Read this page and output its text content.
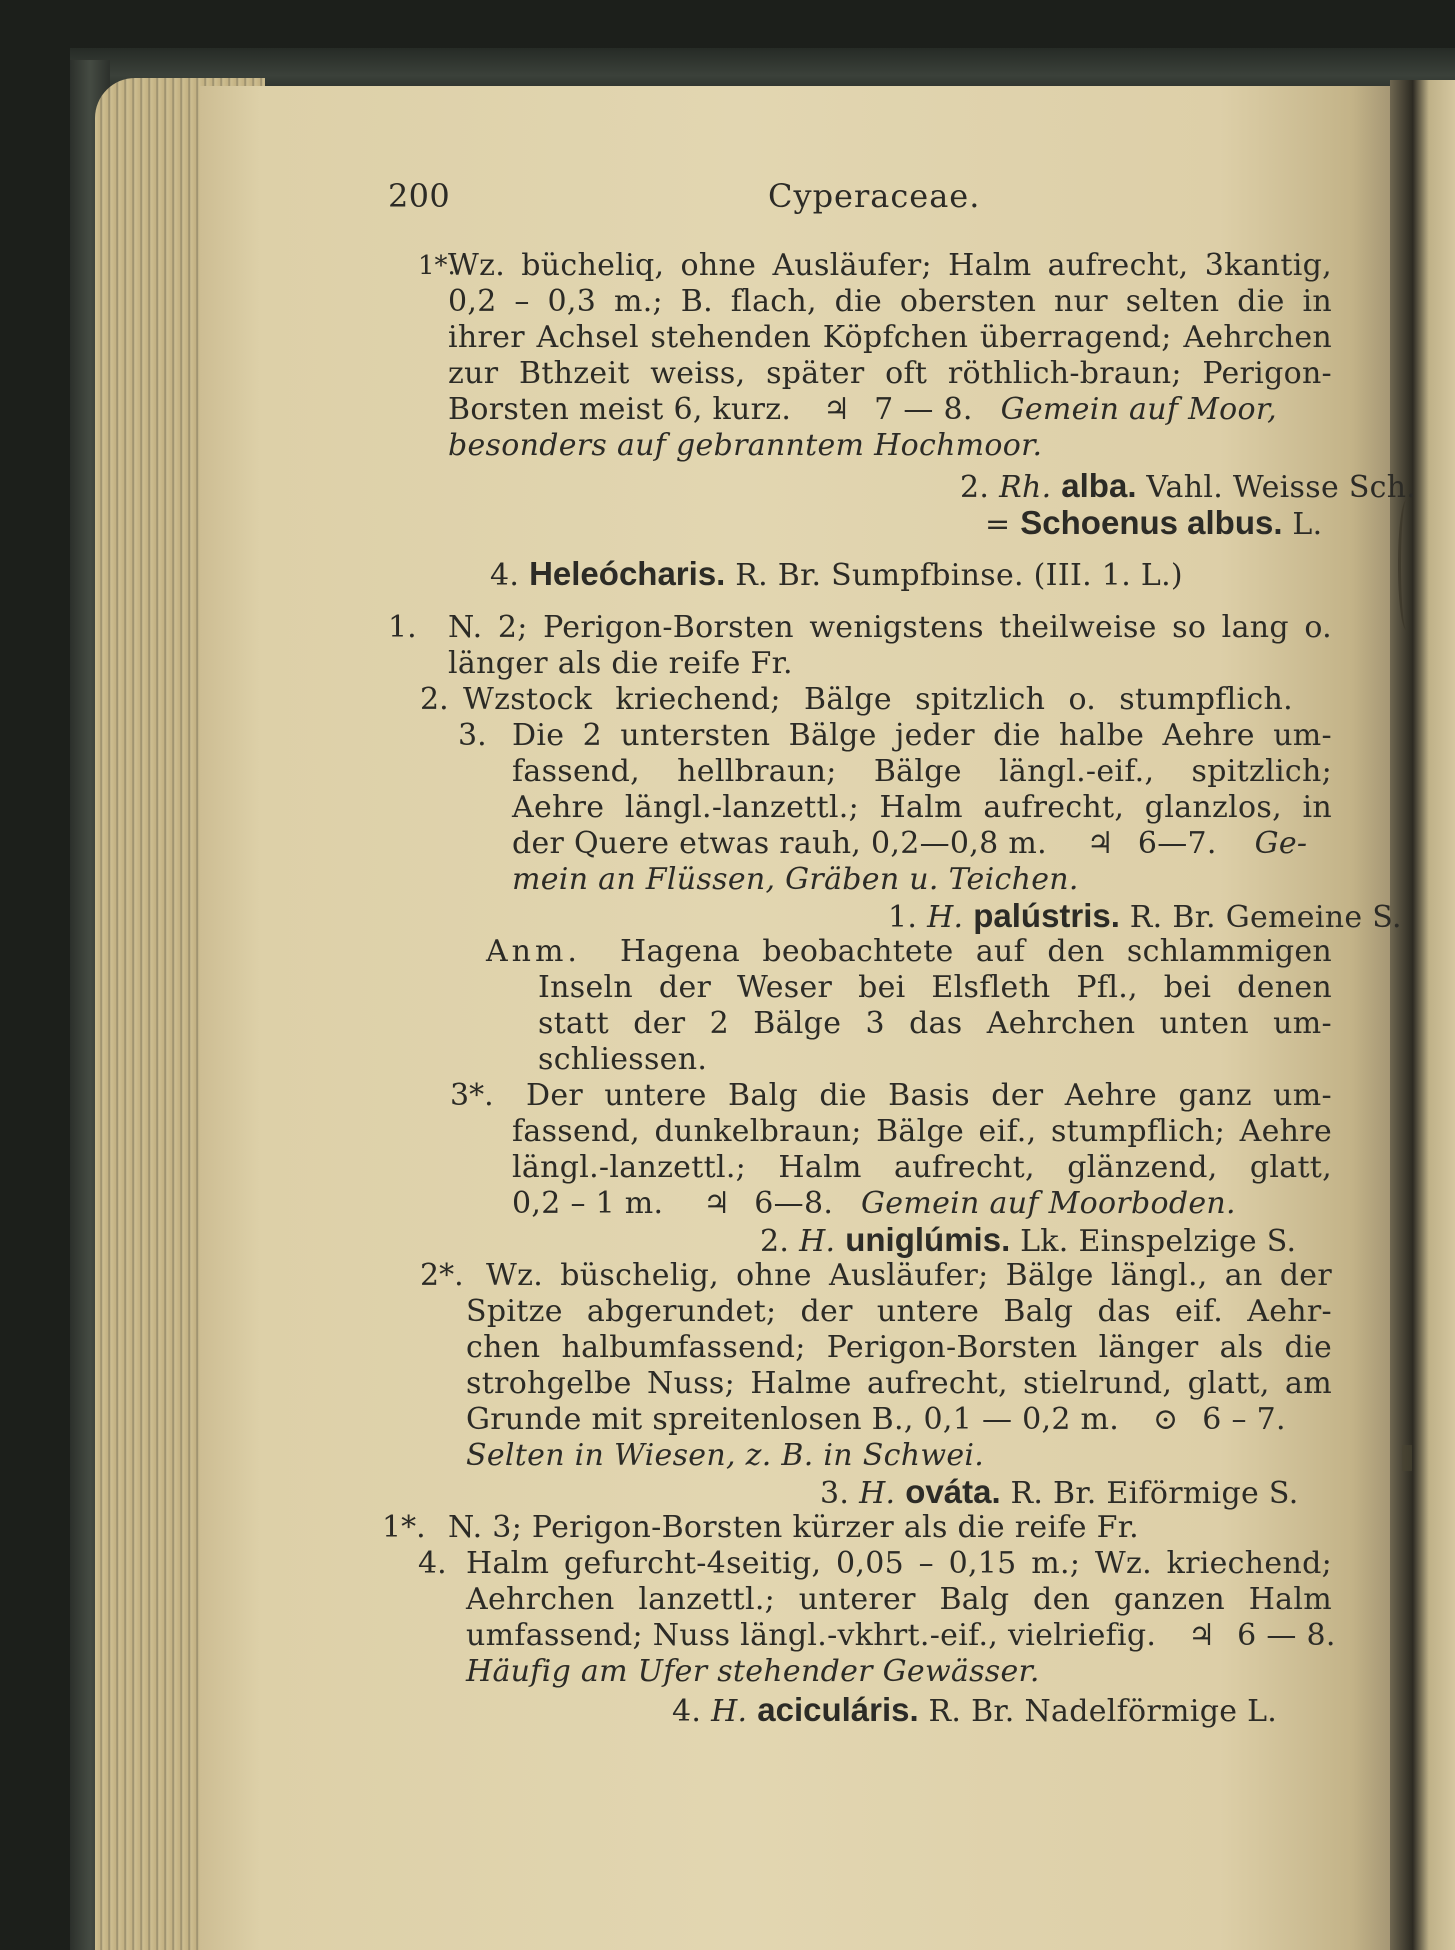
200	Cyperaceae.
1*.
Wz. bücheliq, ohne Ausläufer; Halm aufrecht, 3kantig,
0,2 – 0,3 m.; B. flach, die obersten nur selten die in
ihrer Achsel stehenden Köpfchen überragend; Aehrchen
zur Bthzeit weiss, später oft röthlich-braun; Perigon-
Borsten meist 6, kurz. ♃ 7 — 8. Gemein auf Moor,
besonders auf gebranntem Hochmoor.
2. Rh. alba. Vahl. Weisse Sch.
= Schoenus albus. L.
4. Heleócharis. R. Br. Sumpfbinse. (III. 1. L.)
1. N. 2; Perigon-Borsten wenigstens theilweise so lang o.
länger als die reife Fr.
2. Wzstock kriechend; Bälge spitzlich o. stumpflich.
3. Die 2 untersten Bälge jeder die halbe Aehre um-
fassend, hellbraun; Bälge längl.-eif., spitzlich;
Aehre längl.-lanzettl.; Halm aufrecht, glanzlos, in
der Quere etwas rauh, 0,2—0,8 m. ♃ 6—7. Ge-
mein an Flüssen, Gräben u. Teichen.
1. H. palústris. R. Br. Gemeine S.
Anm. Hagena beobachtete auf den schlammigen
Inseln der Weser bei Elsfleth Pfl., bei denen
statt der 2 Bälge 3 das Aehrchen unten um-
schliessen.
3*. Der untere Balg die Basis der Aehre ganz um-
fassend, dunkelbraun; Bälge eif., stumpflich; Aehre
längl.-lanzettl.; Halm aufrecht, glänzend, glatt,
0,2 – 1 m. ♃ 6—8. Gemein auf Moorboden.
2. H. uniglúmis. Lk. Einspelzige S.
2*. Wz. büschelig, ohne Ausläufer; Bälge längl., an der
Spitze abgerundet; der untere Balg das eif. Aehr-
chen halbumfassend; Perigon-Borsten länger als die
strohgelbe Nuss; Halme aufrecht, stielrund, glatt, am
Grunde mit spreitenlosen B., 0,1 — 0,2 m. ⊙ 6 – 7.
Selten in Wiesen, z. B. in Schwei.
3. H. ováta. R. Br. Eiförmige S.
1*. N. 3; Perigon-Borsten kürzer als die reife Fr.
4. Halm gefurcht-4seitig, 0,05 – 0,15 m.; Wz. kriechend;
Aehrchen lanzettl.; unterer Balg den ganzen Halm
umfassend; Nuss längl.-vkhrt.-eif., vielriefig. ♃ 6 — 8.
Häufig am Ufer stehender Gewässer.
4. H. aciculáris. R. Br. Nadelförmige L.
